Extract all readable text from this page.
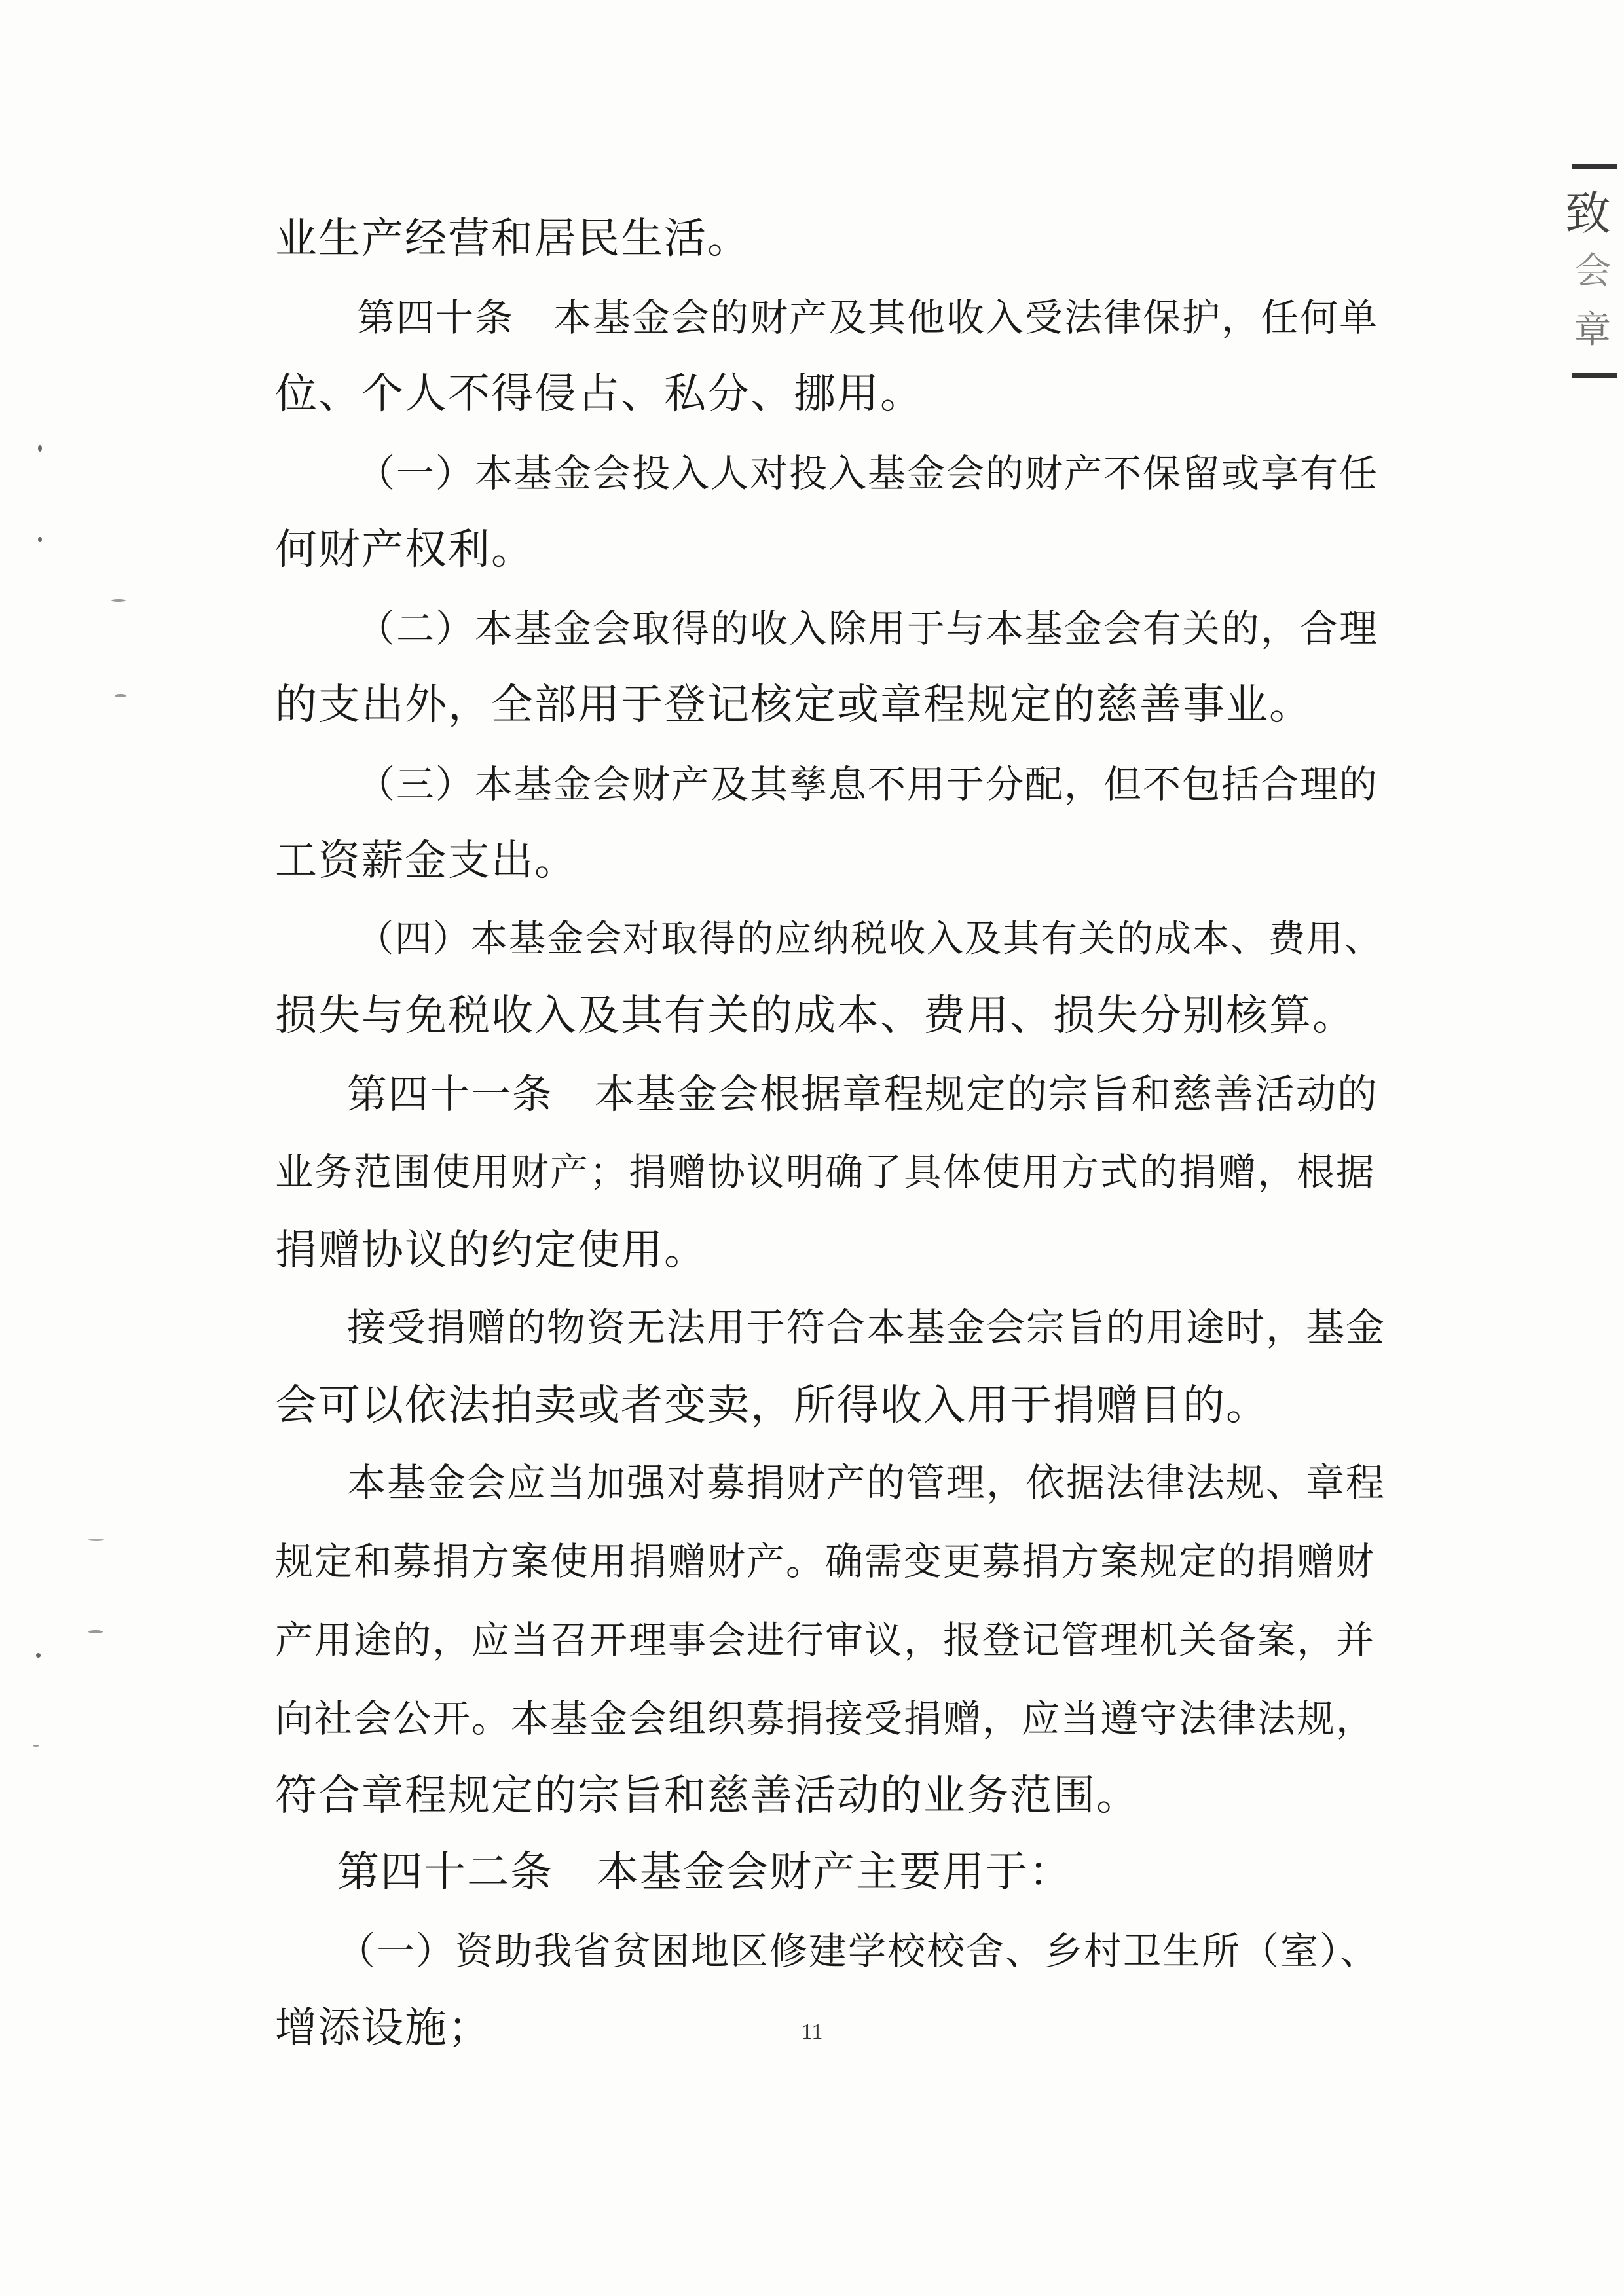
致
会
章
业生产经营和居民生活。
第四十条　本基金会的财产及其他收入受法律保护，任何单
位、个人不得侵占、私分、挪用。
（一）本基金会投入人对投入基金会的财产不保留或享有任
何财产权利。
（二）本基金会取得的收入除用于与本基金会有关的，合理
的支出外，全部用于登记核定或章程规定的慈善事业。
（三）本基金会财产及其孳息不用于分配，但不包括合理的
工资薪金支出。
（四）本基金会对取得的应纳税收入及其有关的成本、费用、
损失与免税收入及其有关的成本、费用、损失分别核算。
第四十一条　本基金会根据章程规定的宗旨和慈善活动的
业务范围使用财产；捐赠协议明确了具体使用方式的捐赠，根据
捐赠协议的约定使用。
接受捐赠的物资无法用于符合本基金会宗旨的用途时，基金
会可以依法拍卖或者变卖，所得收入用于捐赠目的。
本基金会应当加强对募捐财产的管理，依据法律法规、章程
规定和募捐方案使用捐赠财产。确需变更募捐方案规定的捐赠财
产用途的，应当召开理事会进行审议，报登记管理机关备案，并
向社会公开。本基金会组织募捐接受捐赠，应当遵守法律法规，
符合章程规定的宗旨和慈善活动的业务范围。
第四十二条　本基金会财产主要用于：
（一）资助我省贫困地区修建学校校舍、乡村卫生所（室）、
增添设施；	11
